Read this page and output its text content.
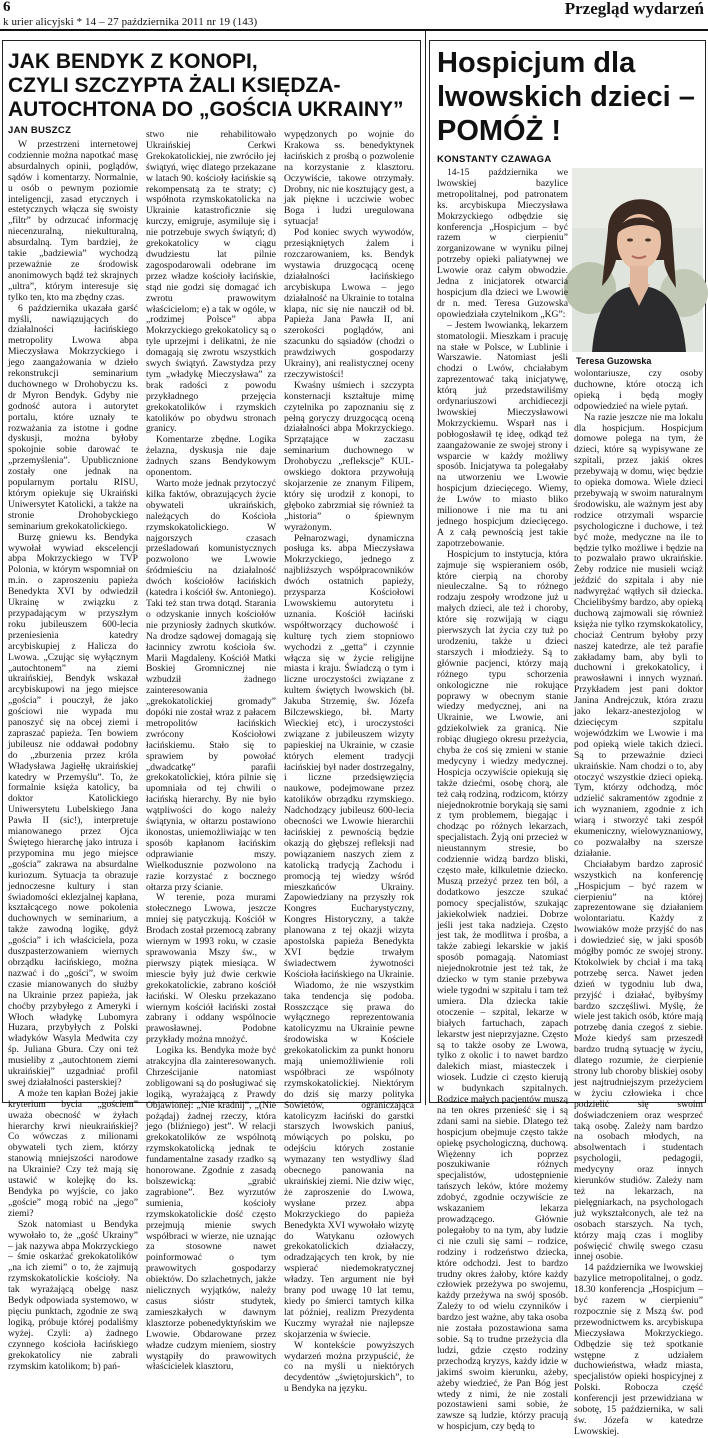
6
k urier alicyjski * 14 – 27 października 2011 nr 19 (143)
Przegląd wydarzeń
JAK BENDYK Z KONOPI,
CZYLI SZCZYPTA ŻALI KSIĘDZA-
AUTOCHTONA DO „GOŚCIA UKRAINY”
JAN BUSZCZ

W przestrzeni internetowej codziennie można napotkać masę absurdalnych opinii, poglądów, sądów i komentarzy. Normalnie, u osób o pewnym poziomie inteligencji, zasad etycznych i estetycznych włącza się swoisty „filtr” by odrzucać informację niecenzuralną, niekulturalną, absurdalną. Tym bardziej, że takie „badziewia” wychodzą przeważnie ze środowisk anonimowych bądź też skrajnych „ultra”, którym interesuje się tylko ten, kto ma zbędny czas.

6 października ukazała garść myśli, nawiązujących do działalności łacińskiego metropolity Lwowa abpa Mieczysława Mokrzyckiego i jego zaangażowania w dzieło rekonstrukcji seminarium duchownego w Drohobyczu ks. dr Myron Bendyk. Gdyby nie godność autora i autorytet portalu, które uznały te rozważania za istotne i godne dyskusji, można byłoby spokojnie sobie darować te „przemyślenia”. Upublicznione zostały one jednak na popularnym portalu RISU, którym opiekuje się Ukraiński Uniwersytet Katolicki, a także na stronie Drohobyckiego seminarium grekokatolickiego.

Burzę gniewu ks. Bendyka wywołał wywiad ekscelencji abpa Mokrzyckiego w TVP Polonia, w którym wspomniał on m.in. o zaproszeniu papieża Benedykta XVI by odwiedził Ukrainę w związku z przypadającym w przyszłym roku jubileuszem 600-lecia przeniesienia katedry arcybiskupiej z Halicza do Lwowa. „Czując się wyłącznym „autochtonem” na ziemi ukraińskiej, Bendyk wskazał arcybiskupowi na jego miejsce „gościa” i pouczył, że jako gościowi nie wypada mu panoszyć się na obcej ziemi i zapraszać papieża. Ten bowiem jubileusz nie oddawał podobny do „zburzenia przez króla Władysława Jagiełłę ukraińskiej katedry w Przemyślu”. To, że formalnie księża katolicy, ba doktor Katolickiego Uniwersytetu Lubelskiego Jana Pawła II (sic!), interpretuje mianowanego przez Ojca Świętego hierarchę jako intruza i przypomina mu jego miejsce „gościa” zakrawa na absurdalne kuriozum. Sytuacja ta obrazuje jednoczesne kultury i stan świadomości eklezjalnej kapłana, kształcącego nowe pokolenia duchownych w seminarium, a także zawodną logikę, gdyż „gościa” i ich właściciela, poza duszpasterzowaniem wiernych obrządku łacińskiego, można nazwać i do „gości”, w swoim czasie mianowanych do służby na Ukrainie przez papieża, jak choćby przybyłego z Ameryki i Włoch władykę Lubomyra Huzara, przybyłych z Polski władyków Wasyla Medwita czy śp. Juliana Gbura. Czy oni też musieliby z „autochtonem ziemi ukraińskiej” uzgadniać profil swej działalności pasterskiej?

A może ten kapłan Bożej jakie kryterium bycia „gościem” uważa obecność w żyłach hierarchy krwi nieukraińskiej? Co wówczas z milionami obywateli tych ziem, którzy stanowią mniejszości narodowe na Ukrainie? Czy też mają się ustawić w kolejkę do ks. Bendyka po wyjście, co jako „goście” mogą robić na „jego” ziemi?

Szok natomiast u Bendyka wywołało to, że „gość Ukrainy” – jak nazywa abpa Mokrzyckiego – śmie oskarżać grekokatolików „na ich ziemi” o to, że zajmują rzymskokatolickie kościoły. Na tak wyrażającą obelgę nasz Bedyk odpowiada systemowo, w pięciu punktach, zgodnie ze swą logiką, próbuje której podaliśmy wyżej. Czyli: a) żadnego czynnego kościoła łacińskiego grekokatolicy nie zabrali rzymskim katolikom; b) pań-

stwo nie rehabilitowało Ukraińskiej Cerkwi Grekokatolickiej, nie zwróciło jej świątyń, więc dlatego przekazane w latach 90. kościoły łacińskie są rekompensatą za te straty; c) współnota rzymskokatolicka na Ukrainie katastroficznie się kurczy, emigruje, asymiluje się i nie potrzebuje swych świątyń; d) grekokatolicy w ciągu dwudziestu lat pilnie zagospodarowali odebrane im przez władze kościoły łacińskie, stąd nie godzi się domagać ich zwrotu prawowitym właścicielom; e) a tak w ogóle, w „rodzimej Polsce” abpa Mokrzyckiego grekokatolicy są o tyle uprzejmi i delikatni, że nie domagają się zwrotu wszystkich swych świątyń. Zawstydza przy tym „władykę Mieczysława” za brak radości z powodu przykładnego przejęcia grekokatolików i rzymskich katolików po obydwu stronach granicy.

Komentarze zbędne. Logika żelazna, dyskusja nie daje żadnych szans Bendykowym oponentom.

Warto może jednak przytoczyć kilka faktów, obrazujących życie obywateli ukraińskich, należących do Kościoła rzymskokatolickiego. W najgorszych czasach prześladowań komunistycznych pozwolono we Lwowie śródmieściu na działalność dwóch kościołów łacińskich (katedra i kościół św. Antoniego). Taki też stan trwa dotąd. Starania o odzyskanie innych kościołów nie przyniosły żadnych skutków. Na drodze sądowej domagają się łacinnicy zwrotu kościoła św. Marii Magdaleny. Kościół Matki Boskiej Gromnicznej nie wzbudził żadnego zainteresowania „grekokatolickiej gromady” dopóki nie został wraz z pałacem metropolitów łacińskich zwrócony Kościołowi łacińskiemu. Stało się to sprawiem by powołać „dwadcatkę” parafii grekokatolickiej, która pilnie się upomniała od tej chwili o łacińską hierarchy. By nie było wątpliwości do kogo należy świątynia, w ołtarzu postawiono ikonostas, uniemożliwiając w ten sposób kapłanom łacińskim odprawianie mszy. Wielkodusznie pozwolono na razie korzystać z bocznego ołtarza przy ścianie.

W terenie, poza murami stołecznego Lwowa, jeszcze mniej się patyczkują. Kościół w Brodach został przemocą zabrany wiernym w 1993 roku, w czasie sprawowania Mszy św., w pierwszy piątek miesiąca. W miescie były już dwie cerkwie grekokatolickie, zabrano kościół łaciński. W Olesku przekazano wiernym kościół łaciński został zabrany i oddany wspólnocie prawosławnej. Podobne przykłady można mnożyć.

Logika ks. Bendyka może być atrakcyjna dla zainteresowanych. Chrześcijanie natomiast zobligowani są do posługiwać się logiką, wyrażającą z Prawdy Objawionej: „Nie kradnij”, „(Nie pożądaj) żadnej rzeczy, która jego (bliźniego) jest”. W relacji grekokatolików ze wspólnotą rzymskokatolicką jednak te fundamentalne zasady rzadko są honorowane. Zgodnie z zasadą bolszewicką: „grabić zagrabione”. Bez wyrzutów sumienia, kościoły rzymskokatolickie dość często przejmują mienie swych współbraci w wierze, nie uznając za stosowne nawet poinformować o tym prawowitych gospodarzy obiektów. Do szlachetnych, jakże nielicznych wyjątków, należy casus sióstr studytek, zamieszkałych w dawnym klasztorze pobenedyktyńskim we Lwowie. Obdarowane przez władze cudzym mieniem, siostry wystąpiły do prawowitych właścicielek klasztoru,

wypędzonych po wojnie do Krakowa ss. benedyktynek łacińskich z prośbą o pozwolenie na korzystanie z klasztoru. Oczywiście, takowe otrzymały. Drobny, nic nie kosztujący gest, a jak piękne i uczciwie wobec Boga i ludzi uregulowana sytuacja!

Pod koniec swych wywodów, przesiąkniętych żalem i rozczarowaniem, ks. Bendyk wystawia druzgocącą ocenę działalności łacińskiego arcybiskupa Lwowa – jego działalność na Ukrainie to totalna klapa, nic się nie naucził od bł. Papieża Jana Pawła II, ani szerokości poglądów, ani szacunku do sąsiadów (chodzi o prawdziwych gospodarzy Ukrainy), ani realistycznej oceny rzeczywistości!

Kwaśny uśmiech i szczypta konsternacji kształtuje mimę czytelnika po zapoznaniu się z pełną goryczy druzgocącą oceną działalności abpa Mokrzyckiego. Sprzątające w zaczasu seminarium duchownego w Drohobyczu „reflekscje” KUL-owskiego doktora przywołują skojarzenie ze znanym Filipem, który się urodził z konopi, to głęboko zabrzmiał się również ta „historia” o śpiewnym wyrażonym.

Pełnarozwagi, dynamiczna posługa ks. abpa Mieczysława Mokrzyckiego, jednego z najbliższych współpracowników dwóch ostatnich papieży, przysparza Kościołowi Lwowskiemu autorytetu i uznania. Kościół łaciński współtworzący duchowość i kulturę tych ziem stopniowo wychodzi z „getta” i czynnie włącza się w życie religijne miasta i kraju. Świadczą o tym i liczne uroczystości związane z kultem świętych lwowskich (bł. Jakuba Strzemię, św. Józefa Bilczewskiego, bł. Marty Wieckiej etc), i uroczystości związane z jubileuszem wizyty papieskiej na Ukrainie, w czasie których element tradycji łacińskiej był nader dostrzegalny, i liczne przedsięwzięcia naukowe, podejmowane przez katolików obrządku rzymskiego. Nadchodzący jubileusz 600-lecia obecności we Lwowie hierarchii łacińskiej z pewnością będzie okazją do głębszej refleksji nad powiązaniem naszych ziem z katolicką tradycją Zachodu i promocją tej wiedzy wśród mieszkańców Ukrainy. Zapowiedziany na przyszły rok Kongres Eucharystyczny, Kongres Historyczny, a także planowana z tej okazji wizyta apostolska papieża Benedykta XVI będzie trwałym świadectwem żywotności Kościoła łacińskiego na Ukrainie.

Wiadomo, że nie wszystkim taka tendencja się podoba. Rosszczące się prawa do wyłącznego reprezentowania katolicyzmu na Ukrainie pewne środowiska w Kościele grekokatolickim za punkt honoru mają uniemożliwienie roli współbraci ze wspólnoty rzymskokatolickiej. Niektórym do dziś się marzy polityka Sowietów, ograniczająca katolicyzm łaciński do garstki starszych lwowskich paniuś, mówiących po polsku, po odejściu których zostanie wymazany ten wstydliwy ślad obecnego panowania na ukraińskiej ziemi. Nie dziw więc, że zaproszenie do Lwowa, wysłane przez abpa Mokrzyckiego do papieża Benedykta XVI wywołało wizytę do Watykanu ozłowych grekokatolickich działaczy, odradzających ten krok, by nie wspierać niedemokratycznej władzy. Ten argument nie był brany pod uwagę 10 lat temu, kiedy po śmierci tamtych kilka lat później, realizm Prezydenta Kuczmy wyrażał nie najlepsze skojarzenia w świecie.

W kontekście powyższych wydarzeń można przypuścić, że co na myśli u niektórych decydentów „świętojurskich”, to u Bendyka na języku.

Hospicjum dla
lwowskich dzieci –
POMÓŻ !
KONSTANTY CZAWAGA
Teresa Guzowska

14-15 października we lwowskiej bazylice metropolitalnej, pod patronatem ks. arcybiskupa Mieczysława Mokrzyckiego odbędzie się konferencja „Hospicjum – być razem w cierpieniu” zorganizowane w wyniku pilnej potrzeby opieki paliatywnej we Lwowie oraz całym obwodzie. Jedna z inicjatorek otwarcia hospicjum dla dzieci we Lwowie dr n. med. Teresa Guzowska opowiedziała czytelnikom „KG”:

– Jestem lwowianką, lekarzem stomatologii. Mieszkam i pracuję na stałe w Polsce, w Lublinie i Warszawie. Natomiast jeśli chodzi o Lwów, chciałabym zaprezentować taką inicjatywę, którą już przedstawiliśmy ordynariuszowi archidiecezji lwowskiej Mieczysławowi Mokrzyckiemu. Wsparł nas i pobłogosławił tę ideę, odkąd też zaangażowanie ze swojej strony i wsparcie w każdy możliwy sposób. Inicjatywa ta polegałaby na utworzeniu we Lwowie hospicjum dziecięcego. Wiemy, że Lwów to miasto bliko milionowe i nie ma tu ani jednego hospicjum dziecięcego. A z całą pewnością jest takie zapotrzebowanie.

Hospicjum to instytucja, która zajmuje się wspieraniem osób, które cierpią na choroby nieuleczalne. Są to różnego rodzaju zespoły wrodzone już u małych dzieci, ale też i choroby, które się rozwijają w ciągu pierwszych lat życia czy tuż po urodzeniu, także u dzieci starszych i młodzieży. Są to głównie pacjenci, którzy mają różnego typu schorzenia onkologiczne nie rokujące poprawy w obecnym stanie wiedzy medycznej, ani na Ukrainie, we Lwowie, ani gdziekolwiek za granicą. Nie robiąc długiego okresu przeżycia, chyba że coś się zmieni w stanie medycyny i wiedzy medycznej. Hospicja oczywiście opiekują się także dziećmi, osobę chorą, ale też całą rodziną, rodzicom, którzy niejednokrotnie borykają się sami z tym problemem, biegając i chodząc po różnych lekarzach, specjalistach. Żyją oni przecież w nieustannym stresie, bo codziennie widzą bardzo bliski, często małe, kilkuletnie dziecko. Muszą przeżyć przez ten ból, a dodatkowo jeszcze szukać pomocy specjalistów, szukając jakiekolwiek nadziei. Dobrze jeśli jest taka nadzieja. Często jest tak, że modlitwa i prośba, a także zabiegi lekarskie w jakiś sposób pomagają. Natomiast niejednokrotnie jest też tak, że dziecko w tym stanie przebywa wiele tygodni w szpitalu i tam też umiera. Dla dziecka takie otoczenie – szpital, lekarze w białych fartuchach, zapach lekarstw jest nieprzyjazne. Często są to także osoby ze Lwowa, tylko z okolic i to nawet bardzo dalekich miast, miasteczek i wiosek. Ludzie ci często kierują w budynkach szpitalnych. Rodzice małych pacjentów muszą na ten okres przenieść się i są zdani sami na siebie. Dlatego też hospicjum obejmuje często także opiekę psychologiczną, duchową. Więżenny ich poprzez poszukiwanie różnych specjalistów, udostępnienie tańszych leków, które możemy zdobyć, zgodnie oczywiście ze wskazaniem lekarza prowadzącego. Głównie polegałoby to na tym, aby ludzie ci nie czuli się sami – rodzice, rodziny i rodzeństwo dziecka, które odchodzi. Jest to bardzo trudny okres żałoby, które każdy człowiek przeżywa po swojemu, każdy przeżywa na swój sposób. Zależy to od wielu czynników i bardzo jest ważne, aby taka osoba nie została pozostawiona sama sobie. Są to trudne przeżycia dla ludzi, gdzie często rodziny przechodzą kryzys, każdy idzie w jakimś swoim kierunku, ażeby, ażeby wiedzieć, że Pan Bóg jest wtedy z nimi, że nie zostali pozostawieni sami sobie, że zawsze są ludzie, którzy pracują w hospicjum, czy będą to

wolontariusze, czy osoby duchowne, które otoczą ich opieką i będą mogły odpowiedzieć na wiele pytań.

Na razie jeszcze nie ma lokalu dla hospicjum. Hospicjum domowe polega na tym, że dzieci, które są wypisywane ze szpitali, przez jakiś okres przebywają w domu, więc będzie to opieka domowa. Wiele dzieci przebywają w swoim naturalnym środowisku, ale ważnym jest aby rodzice otrzymali wsparcie psychologiczne i duchowe, i też być może, medyczne na ile to będzie tylko możliwe i będzie na to pozwalało prawo ukraińskie. Żeby rodzice nie musieli wciąż jeździć do szpitala i aby nie nadwyrężać wątłych sił dziecka. Chcielibyśmy bardzo, aby opieką duchową zajmowali się również księża nie tylko rzymskokatolicy, chociaż Centrum byłoby przy naszej katedrze, ale też parafie zakładamy bam, aby byli to duchowni i grekokatolicy, i prawosławni i innych wyznań. Przykładem jest pani doktor Janina Andrejczuk, która zrazu jako lekarz-anestezjolog w dziecięcym szpitalu wojewódzkim we Lwowie i ma pod opieką wiele takich dzieci. Są to przeważnie dzieci ukraińskie. Nam chodzi o to, aby otoczyć wszystkie dzieci opieką. Tym, którzy odchodzą, móc udzielić sakramentów zgodnie z ich wyznaniem, zgodnie z ich wiarą i stworzyć taki zespół ekumeniczny, wielowyznaniowy, co pozwalałby na szersze działanie.

Chciałabym bardzo zaprosić wszystkich na konferencję „Hospicjum – być razem w cierpieniu” na której zaprezentowane się działaniem wolontariatu. Każdy z lwowiaków może przyjść do nas i dowiedzieć się, w jaki sposób mógłby pomóc ze swojej strony. Ktokolwiek by chciał i ma taką potrzebę serca. Nawet jeden dzień w tygodniu lub dwa, przyjść i działać, byłbyśmy bardzo szczęśliwi. Myślę, że wiele jest takich osób, które mają potrzebę dania czegoś z siebie. Może kiedyś sam przeszedł bardzo trudną sytuację w życiu, dlatego rozumie, że cierpienie strony lub choroby bliskiej osoby jest najtrudniejszym przeżyciem w życiu człowieka i chce podzielić się swoim doświadczeniem oraz wesprzeć taką osobę. Zależy nam bardzo na osobach młodych, na absolwentach i studentach psychologii, pedagogii, medycyny oraz innych kierunków studiów. Zależy nam też na lekarzach, na pielęgniarkach, na psychologach już wykształconych, ale też na osobach starszych. Na tych, którzy mają czas i mogliby poświęcić chwilę swego czasu innej osobie.

14 października we lwowskiej bazylice metropolitalnej, o godz. 18.30 konferencja „Hospicjum – być razem w cierpieniu” rozpocznie się z Mszą św. pod przewodnictwem ks. arcybiskupa Mieczysława Mokrzyckiego. Odbędzie się też spotkanie wstępne z udziałem duchowieństwa, władz miasta, specjalistów opieki hospicyjnej z Polski. Robocza część konferencji jest przewidziana w sobotę, 15 października, w sali św. Józefa w katedrze Lwowskiej.
